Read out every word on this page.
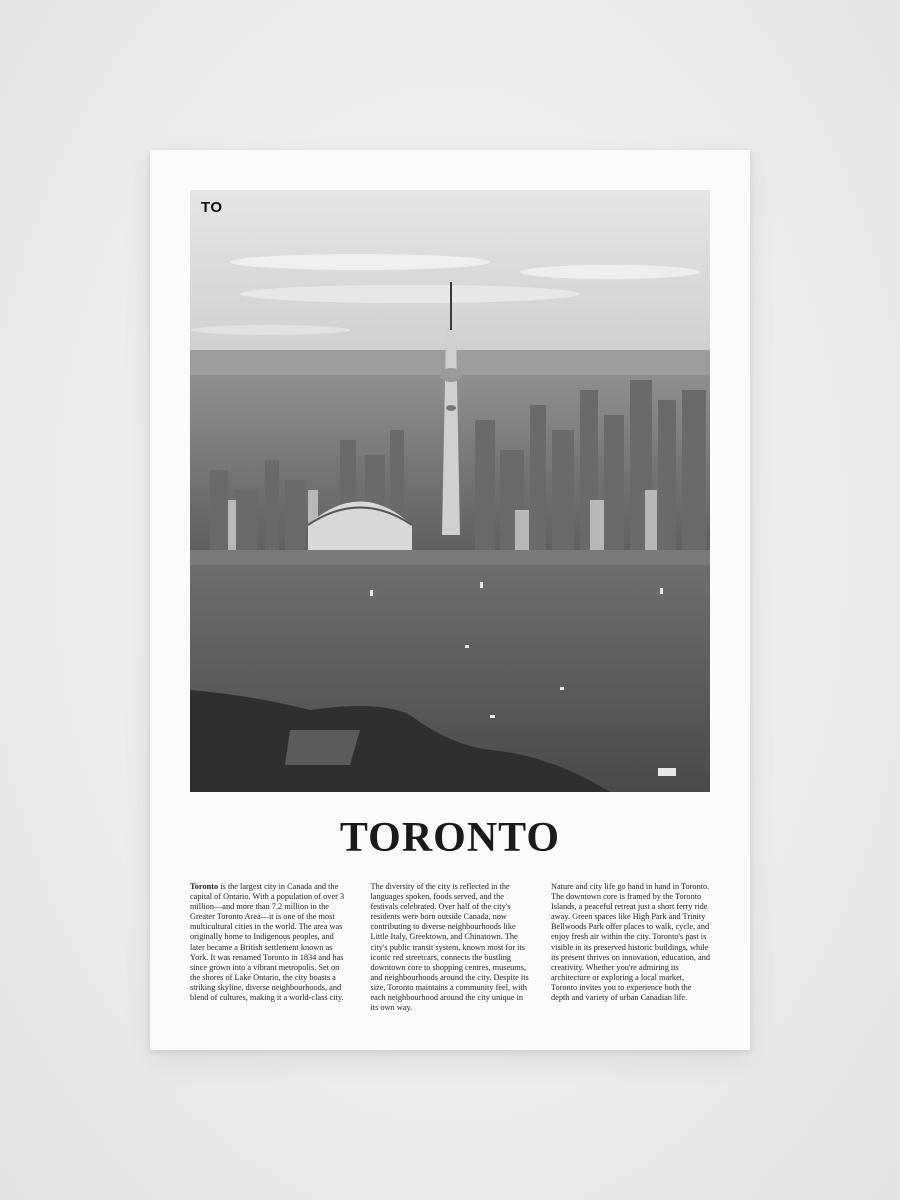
TO
TORONTO
Toronto is the largest city in Canada and the capital of Ontario. With a population of over 3 million—and more than 7.2 million in the Greater Toronto Area—it is one of the most multicultural cities in the world. The area was originally home to Indigenous peoples, and later became a British settlement known as York. It was renamed Toronto in 1834 and has since grown into a vibrant metropolis. Set on the shores of Lake Ontario, the city boasts a striking skyline, diverse neighbourhoods, and blend of cultures, making it a world-class city.
The diversity of the city is reflected in the languages spoken, foods served, and the festivals celebrated. Over half of the city's residents were born outside Canada, now contributing to diverse neighbourhoods like Little Italy, Greektown, and Chinatown. The city's public transit system, known most for its iconic red streetcars, connects the bustling downtown core to shopping centres, museums, and neighbourhoods around the city. Despite its size, Toronto maintains a community feel, with each neighbourhood around the city unique in its own way.
Nature and city life go hand in hand in Toronto. The downtown core is framed by the Toronto Islands, a peaceful retreat just a short ferry ride away. Green spaces like High Park and Trinity Bellwoods Park offer places to walk, cycle, and enjoy fresh air within the city. Toronto's past is visible in its preserved historic buildings, while its present thrives on innovation, education, and creativity. Whether you're admiring its architecture or exploring a local market, Toronto invites you to experience both the depth and variety of urban Canadian life.
